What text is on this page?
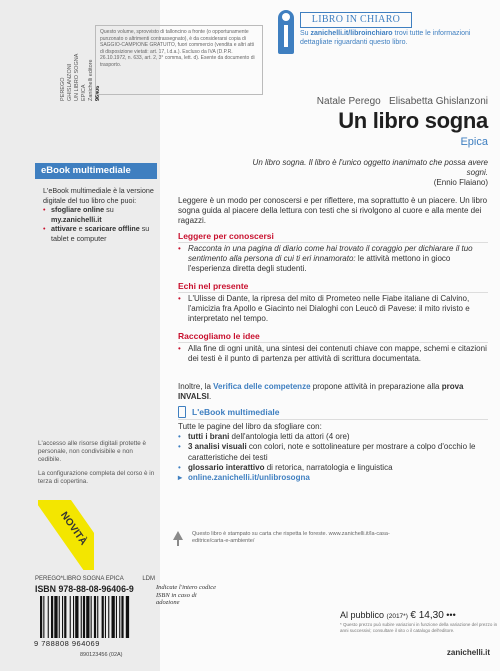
PEREGO
GHISLANZONI
UN LIBRO SOGNA
EPICA
Zanichelli editore
96406
Questo volume, sprovvisto di talloncino a fronte (o opportunamente punzonato o altrimenti contrassegnato), è da considerarsi copia di SAGGIO-CAMPIONE GRATUITO, fuori commercio (vendita e altri atti di disposizione vietati: art. 17, l.d.a.). Escluso da IVA (D.P.R. 26.10.1972, n. 633, art. 2, 3° comma, lett. d). Esente da documento di trasporto.
LIBRO IN CHIARO
Su zanichelli.it/libroinchiaro trovi tutte le informazioni dettagliate riguardanti questo libro.
Natale Perego   Elisabetta Ghislanzoni
Un libro sogna
Epica
eBook multimediale
L'eBook multimediale è la versione digitale del tuo libro che puoi:
• sfogliare online su my.zanichelli.it
• attivare e scaricare offline su tablet e computer

L'accesso alle risorse digitali protette è personale, non condivisibile e non cedibile.

La configurazione completa del corso è in terza di copertina.

NOVITÀ
Un libro sogna. Il libro è l'unico oggetto inanimato che possa avere sogni.
(Ennio Flaiano)
Leggere è un modo per conoscersi e per riflettere, ma soprattutto è un piacere. Un libro sogna guida al piacere della lettura con testi che si rivolgono al cuore e alla mente dei ragazzi.
Leggere per conoscersi
• Racconta in una pagina di diario come hai trovato il coraggio per dichiarare il tuo sentimento alla persona di cui ti eri innamorato: le attività mettono in gioco l'esperienza diretta degli studenti.
Echi nel presente
• L'Ulisse di Dante, la ripresa del mito di Prometeo nelle Fiabe italiane di Calvino, l'amicizia fra Apollo e Giacinto nei Dialoghi con Leucò di Pavese: il mito rivisto e interpretato nel tempo.
Raccogliamo le idee
• Alla fine di ogni unità, una sintesi dei contenuti chiave con mappe, schemi e citazioni dei testi è il punto di partenza per attività di scrittura documentata.
Inoltre, la Verifica delle competenze propone attività in preparazione alla prova INVALSI.
L'eBook multimediale
Tutte le pagine del libro da sfogliare con:
• tutti i brani dell'antologia letti da attori (4 ore)
• 3 analisi visuali con colori, note e sottolineature per mostrare a colpo d'occhio le caratteristiche dei testi
• glossario interattivo di retorica, narratologia e linguistica
▸ online.zanichelli.it/unlibrosogna
Questo libro è stampato su carta che rispetta le foreste. www.zanichelli.it/la-casa-editrice/carta-e-ambiente/
PEREGO*LIBRO SOGNA EPICA	LDM
ISBN 978-88-08-96406-9	Indicate l'intero codice ISBN in caso di adozione
9 788808 964069
890123456 (02A)
Al pubblico (2017*) € 14,30 •••
* Questo prezzo può subire variazioni in funzione della variazione del prezzo in anni successivi; consultare il sito o il catalogo dell'editore.
zanichelli.it
